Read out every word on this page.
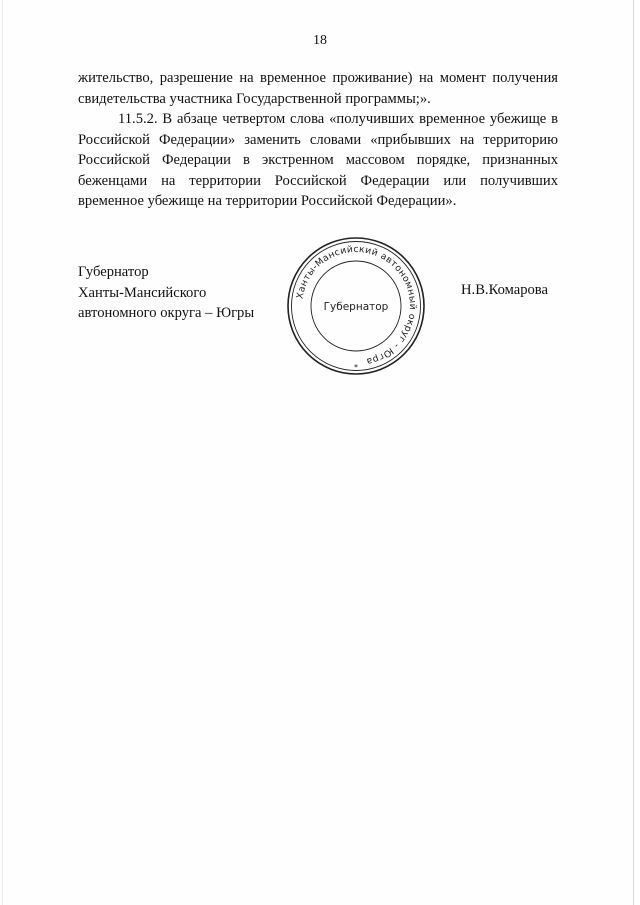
18
жительство, разрешение на временное проживание) на момент получения
свидетельства участника Государственной программы;».
11.5.2. В абзаце четвертом слова «получивших временное убежище в
Российской Федерации» заменить словами «прибывших на территорию
Российской Федерации в экстренном массовом порядке, признанных
беженцами на территории Российской Федерации или получивших
временное убежище на территории Российской Федерации».
Губернатор
Ханты-Мансийского
автономного округа – Югры
Ханты-Мансийский автономный округ - Югра
Губернатор
*
Н.В.Комарова
